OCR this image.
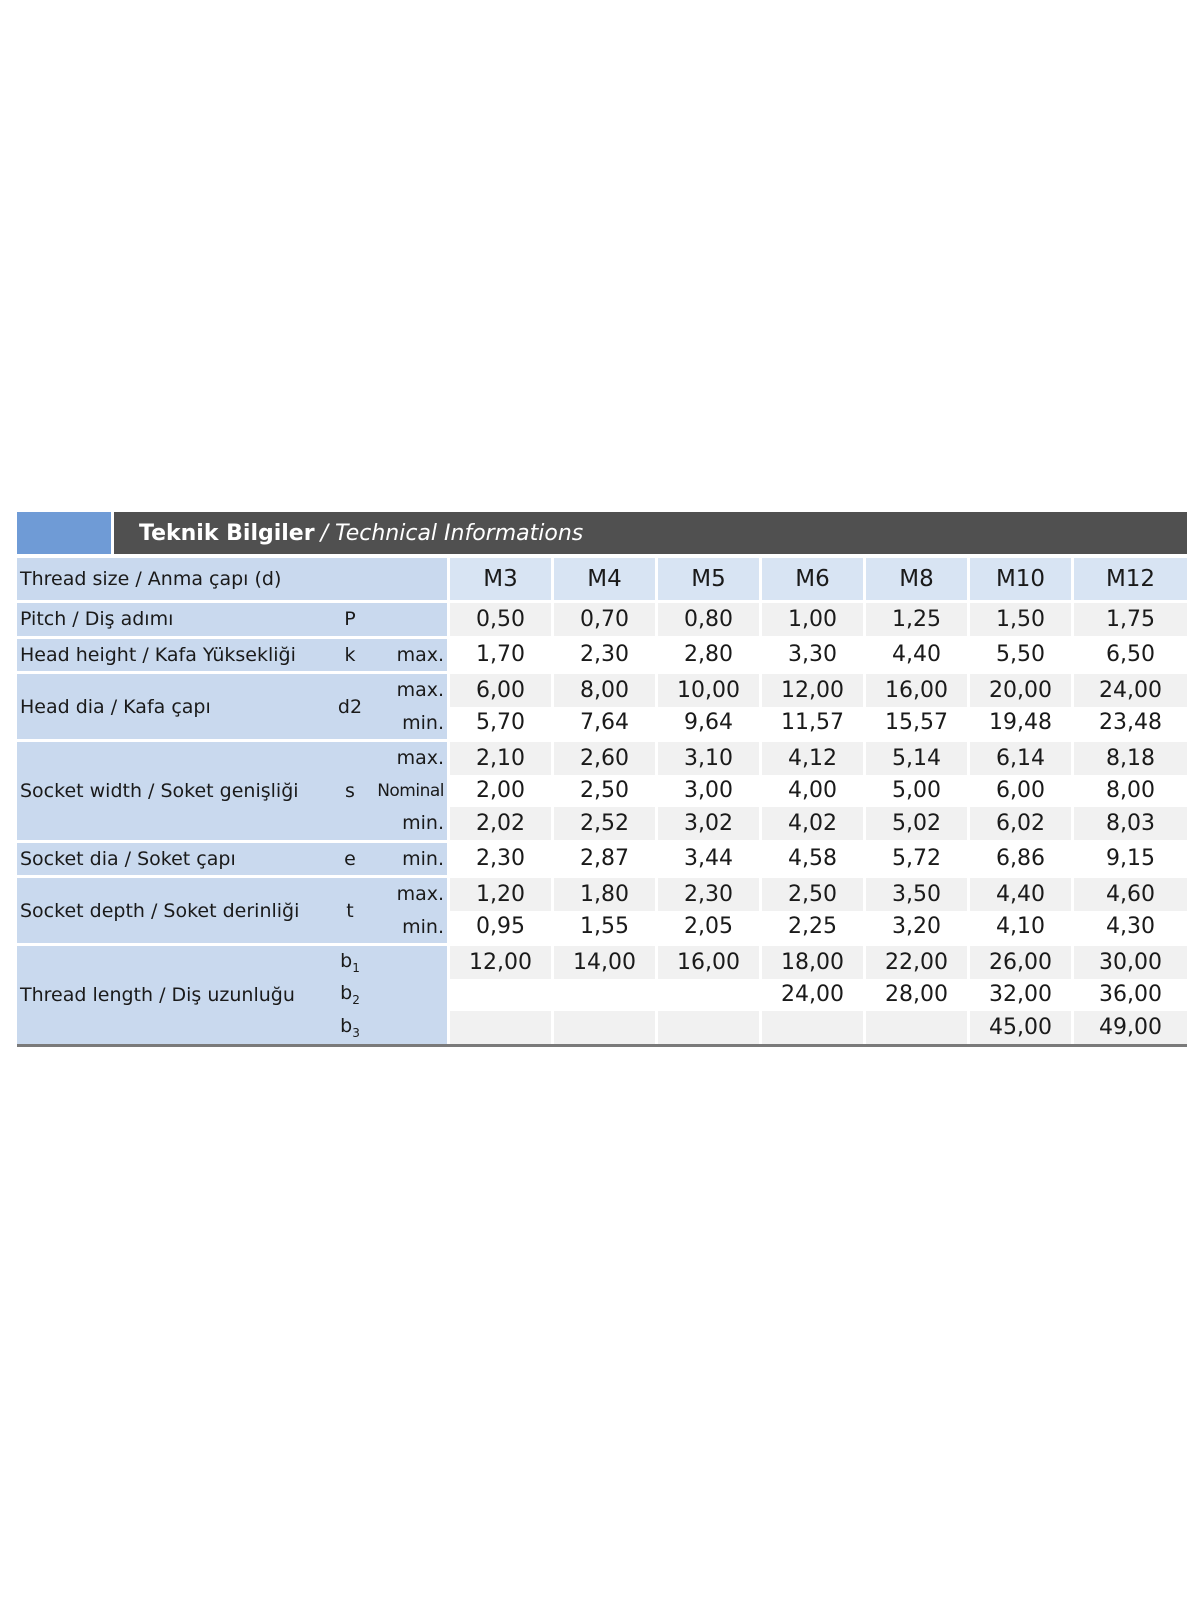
Teknik Bilgiler / Technical Informations
Thread size / Anma çapı (d)			M3	M4	M5	M6	M8	M10	M12
Pitch / Diş adımı	P		0,50	0,70	0,80	1,00	1,25	1,50	1,75
Head height / Kafa Yüksekliği	k	max.	1,70	2,30	2,80	3,30	4,40	5,50	6,50
Head dia / Kafa çapı	d2	max.	6,00	8,00	10,00	12,00	16,00	20,00	24,00
		min.	5,70	7,64	9,64	11,57	15,57	19,48	23,48
Socket width / Soket genişliği	s	max.	2,10	2,60	3,10	4,12	5,14	6,14	8,18
		Nominal	2,00	2,50	3,00	4,00	5,00	6,00	8,00
		min.	2,02	2,52	3,02	4,02	5,02	6,02	8,03
Socket dia / Soket çapı	e	min.	2,30	2,87	3,44	4,58	5,72	6,86	9,15
Socket depth / Soket derinliği	t	max.	1,20	1,80	2,30	2,50	3,50	4,40	4,60
		min.	0,95	1,55	2,05	2,25	3,20	4,10	4,30
Thread length / Diş uzunluğu	$b_1$		12,00	14,00	16,00	18,00	22,00	26,00	30,00
	$b_2$					24,00	28,00	32,00	36,00
	$b_3$							45,00	49,00
